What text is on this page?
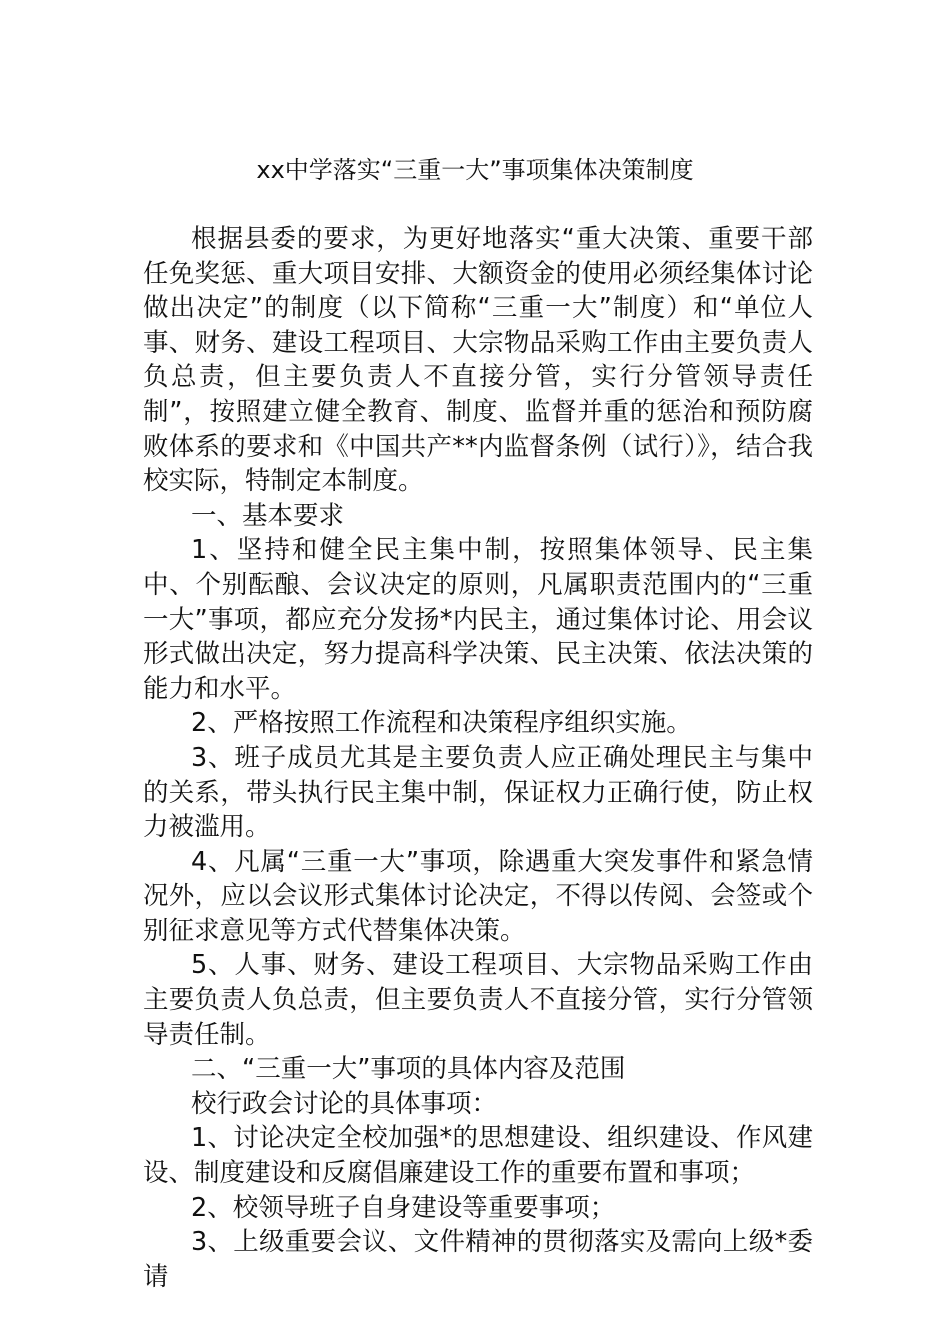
xx中学落实“三重一大”事项集体决策制度

根据县委的要求，为更好地落实“重大决策、重要干部任免奖惩、重大项目安排、大额资金的使用必须经集体讨论做出决定”的制度（以下简称“三重一大”制度）和“单位人事、财务、建设工程项目、大宗物品采购工作由主要负责人负总责，但主要负责人不直接分管，实行分管领导责任制”，按照建立健全教育、制度、监督并重的惩治和预防腐败体系的要求和《中国共产**内监督条例（试行）》，结合我校实际，特制定本制度。

一、基本要求

1、坚持和健全民主集中制，按照集体领导、民主集中、个别酝酿、会议决定的原则，凡属职责范围内的“三重一大”事项，都应充分发扬*内民主，通过集体讨论、用会议形式做出决定，努力提高科学决策、民主决策、依法决策的能力和水平。

2、严格按照工作流程和决策程序组织实施。

3、班子成员尤其是主要负责人应正确处理民主与集中的关系，带头执行民主集中制，保证权力正确行使，防止权力被滥用。

4、凡属“三重一大”事项，除遇重大突发事件和紧急情况外，应以会议形式集体讨论决定，不得以传阅、会签或个别征求意见等方式代替集体决策。

5、人事、财务、建设工程项目、大宗物品采购工作由主要负责人负总责，但主要负责人不直接分管，实行分管领导责任制。

二、“三重一大”事项的具体内容及范围

校行政会讨论的具体事项：

1、讨论决定全校加强*的思想建设、组织建设、作风建设、制度建设和反腐倡廉建设工作的重要布置和事项；

2、校领导班子自身建设等重要事项；

3、上级重要会议、文件精神的贯彻落实及需向上级*委请
